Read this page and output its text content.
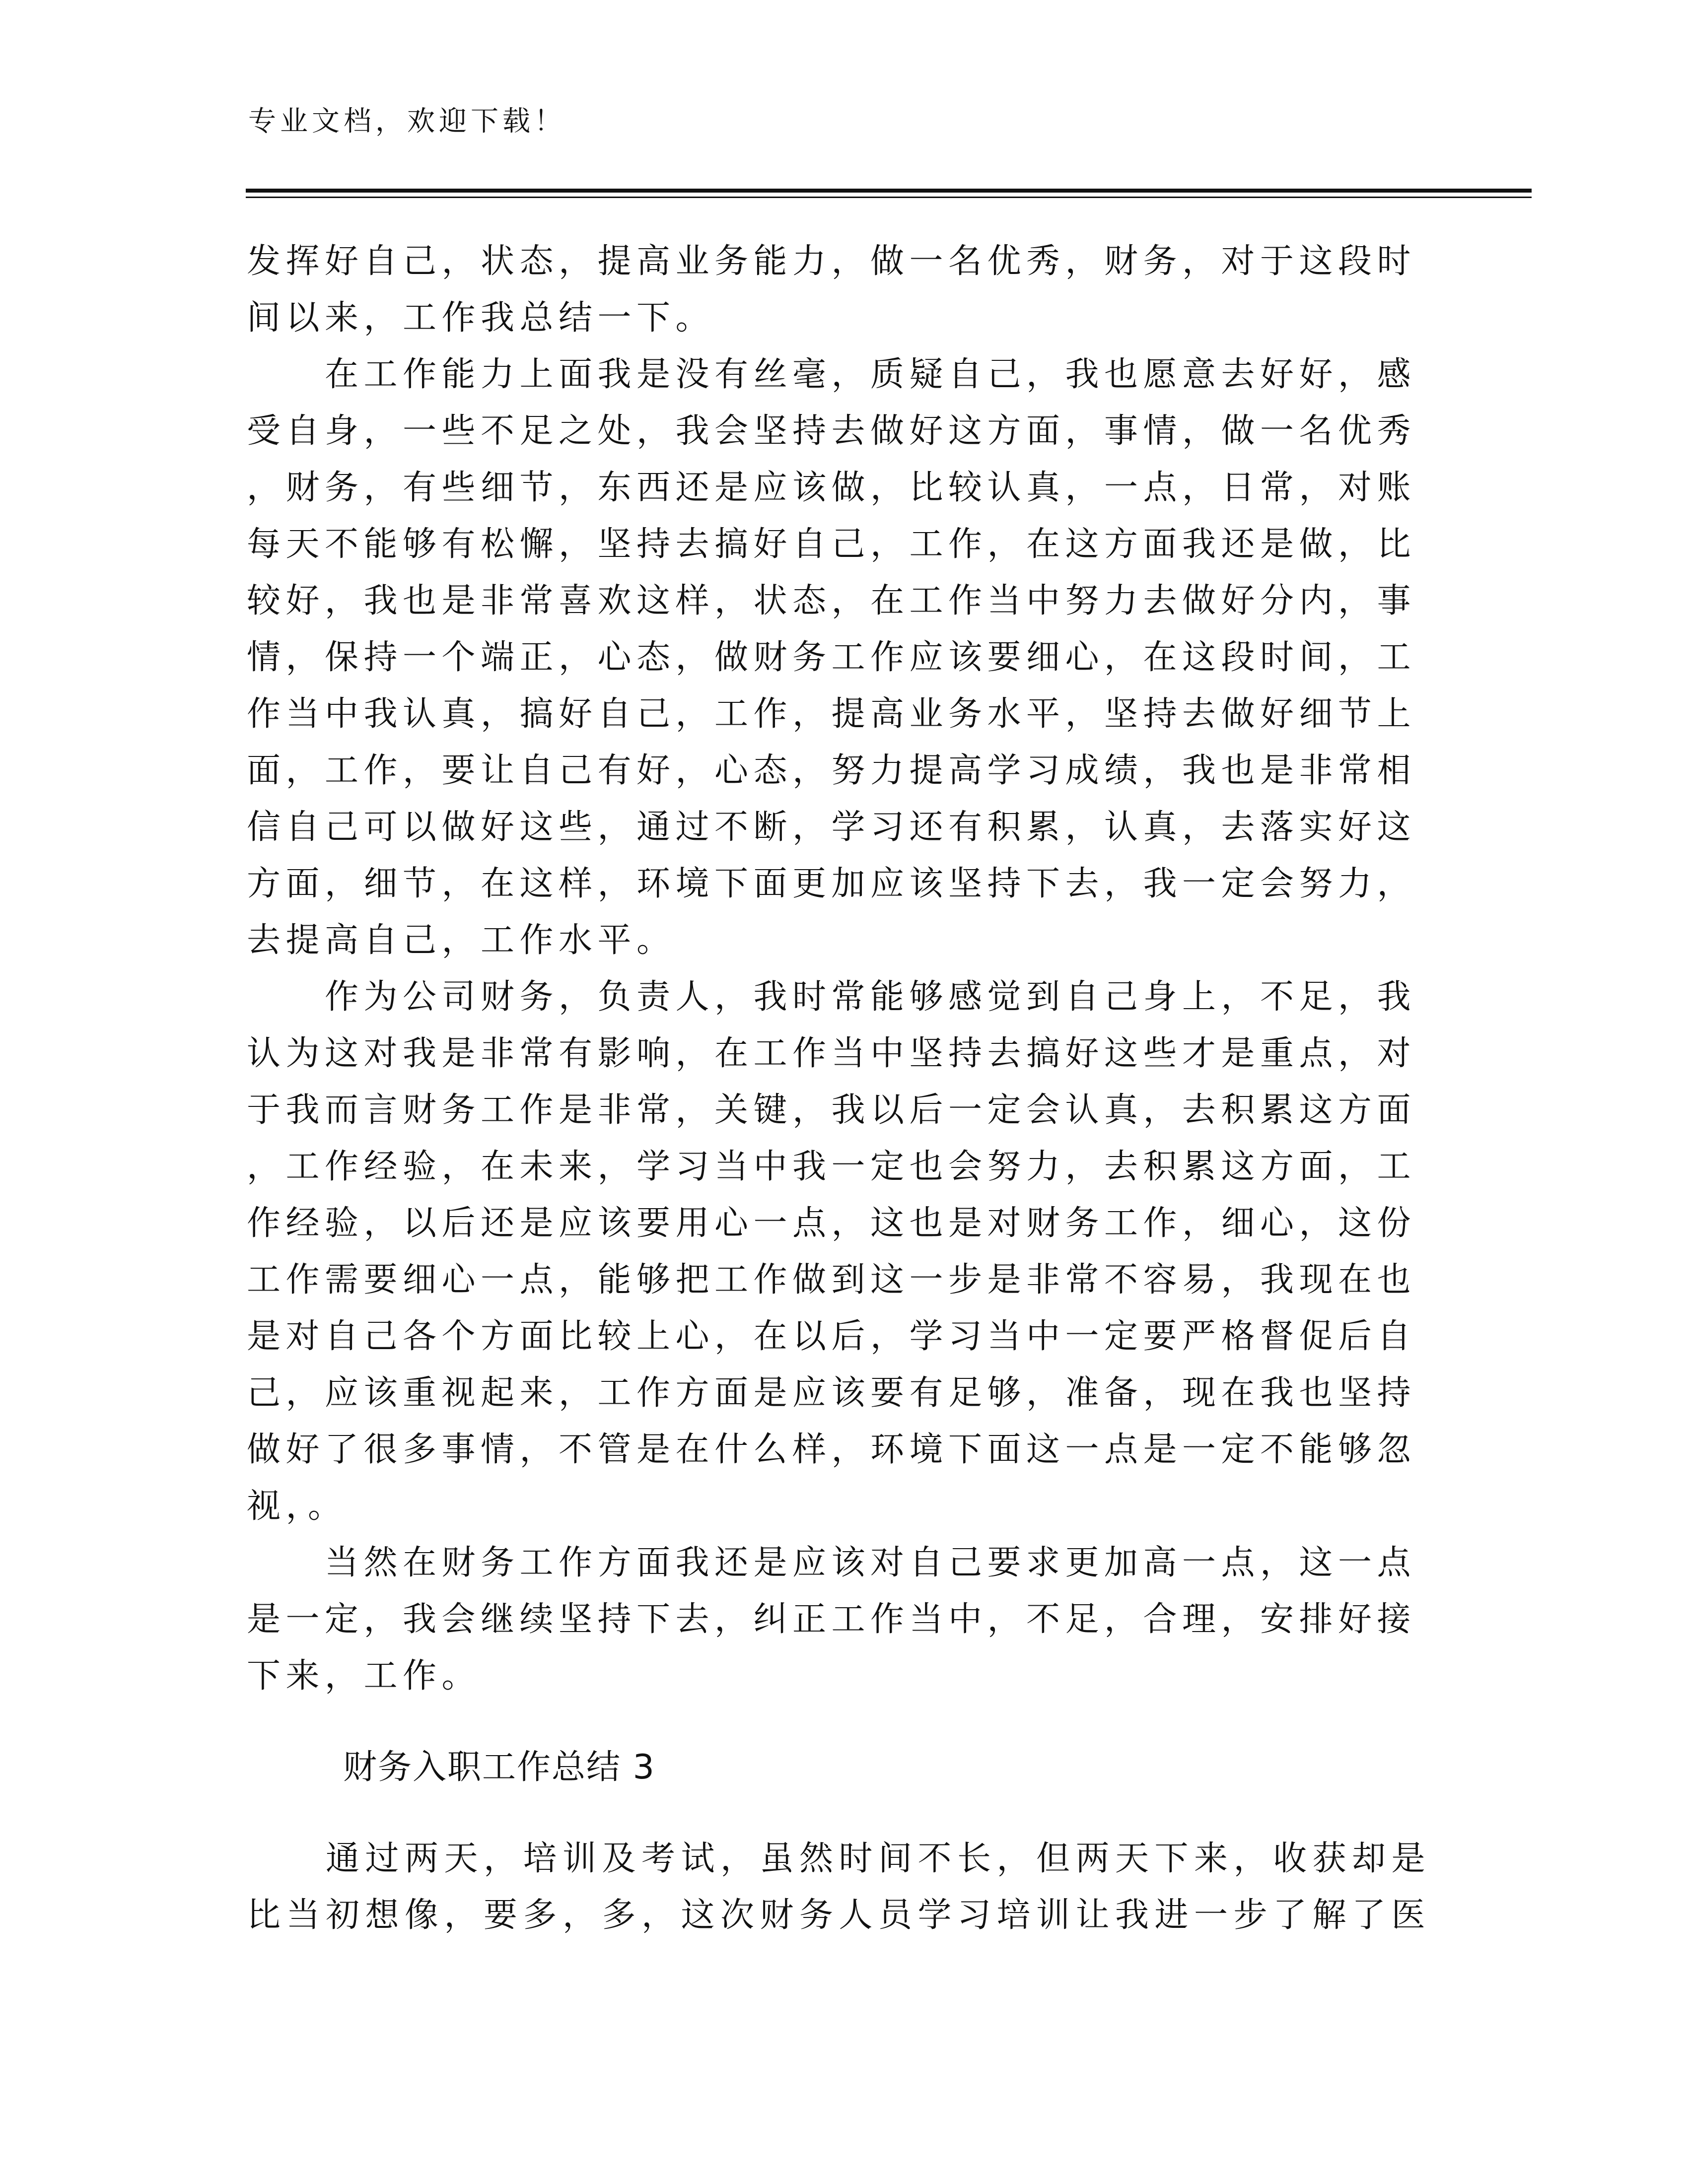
专业文档，欢迎下载！
发挥好自己，状态，提高业务能力，做一名优秀，财务，对于这段时
间以来，工作我总结一下。
　　在工作能力上面我是没有丝毫，质疑自己，我也愿意去好好，感
受自身，一些不足之处，我会坚持去做好这方面，事情，做一名优秀
，财务，有些细节，东西还是应该做，比较认真，一点，日常，对账
每天不能够有松懈，坚持去搞好自己，工作，在这方面我还是做，比
较好，我也是非常喜欢这样，状态，在工作当中努力去做好分内，事
情，保持一个端正，心态，做财务工作应该要细心，在这段时间，工
作当中我认真，搞好自己，工作，提高业务水平，坚持去做好细节上
面，工作，要让自己有好，心态，努力提高学习成绩，我也是非常相
信自己可以做好这些，通过不断，学习还有积累，认真，去落实好这
方面，细节，在这样，环境下面更加应该坚持下去，我一定会努力，
去提高自己，工作水平。
　　作为公司财务，负责人，我时常能够感觉到自己身上，不足，我
认为这对我是非常有影响，在工作当中坚持去搞好这些才是重点，对
于我而言财务工作是非常，关键，我以后一定会认真，去积累这方面
，工作经验，在未来，学习当中我一定也会努力，去积累这方面，工
作经验，以后还是应该要用心一点，这也是对财务工作，细心，这份
工作需要细心一点，能够把工作做到这一步是非常不容易，我现在也
是对自己各个方面比较上心，在以后，学习当中一定要严格督促后自
己，应该重视起来，工作方面是应该要有足够，准备，现在我也坚持
做好了很多事情，不管是在什么样，环境下面这一点是一定不能够忽
视，。
　　当然在财务工作方面我还是应该对自己要求更加高一点，这一点
是一定，我会继续坚持下去，纠正工作当中，不足，合理，安排好接
下来，工作。
财务入职工作总结 3
　　通过两天，培训及考试，虽然时间不长，但两天下来，收获却是
比当初想像，要多，多，这次财务人员学习培训让我进一步了解了医
